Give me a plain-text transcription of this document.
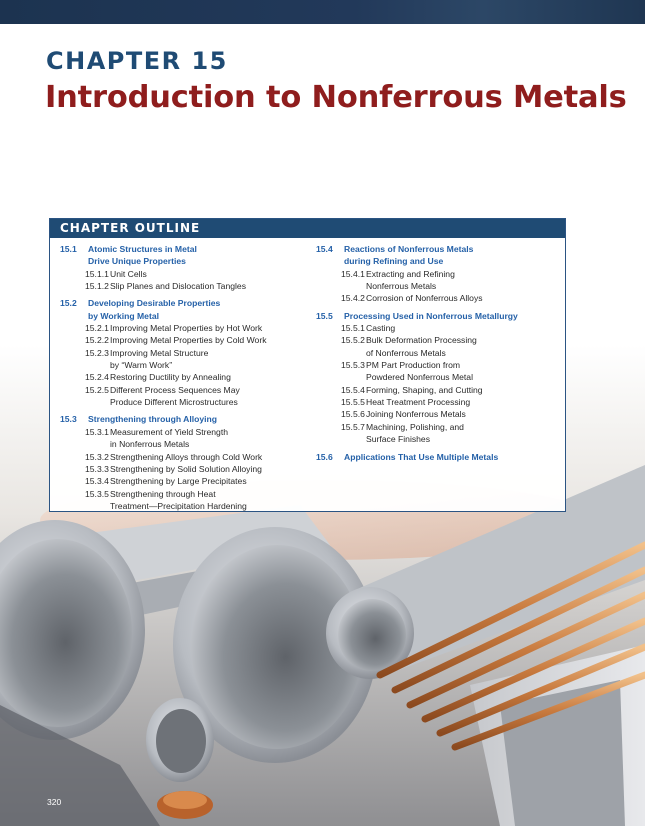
CHAPTER 15
Introduction to Nonferrous Metals
CHAPTER OUTLINE
15.1	Atomic Structures in Metal
Drive Unique Properties
15.1.1 Unit Cells
15.1.2 Slip Planes and Dislocation Tangles
15.2	Developing Desirable Properties
by Working Metal
15.2.1 Improving Metal Properties by Hot Work
15.2.2 Improving Metal Properties by Cold Work
15.2.3 Improving Metal Structure
by “Warm Work”
15.2.4 Restoring Ductility by Annealing
15.2.5 Different Process Sequences May
Produce Different Microstructures
15.3	Strengthening through Alloying
15.3.1 Measurement of Yield Strength
in Nonferrous Metals
15.3.2 Strengthening Alloys through Cold Work
15.3.3 Strengthening by Solid Solution Alloying
15.3.4 Strengthening by Large Precipitates
15.3.5 Strengthening through Heat
Treatment—Precipitation Hardening
15.4	Reactions of Nonferrous Metals
during Refining and Use
15.4.1 Extracting and Refining
Nonferrous Metals
15.4.2 Corrosion of Nonferrous Alloys
15.5	Processing Used in Nonferrous Metallurgy
15.5.1 Casting
15.5.2 Bulk Deformation Processing
of Nonferrous Metals
15.5.3 PM Part Production from
Powdered Nonferrous Metal
15.5.4 Forming, Shaping, and Cutting
15.5.5 Heat Treatment Processing
15.5.6 Joining Nonferrous Metals
15.5.7 Machining, Polishing, and
Surface Finishes
15.6	Applications That Use Multiple Metals
320
